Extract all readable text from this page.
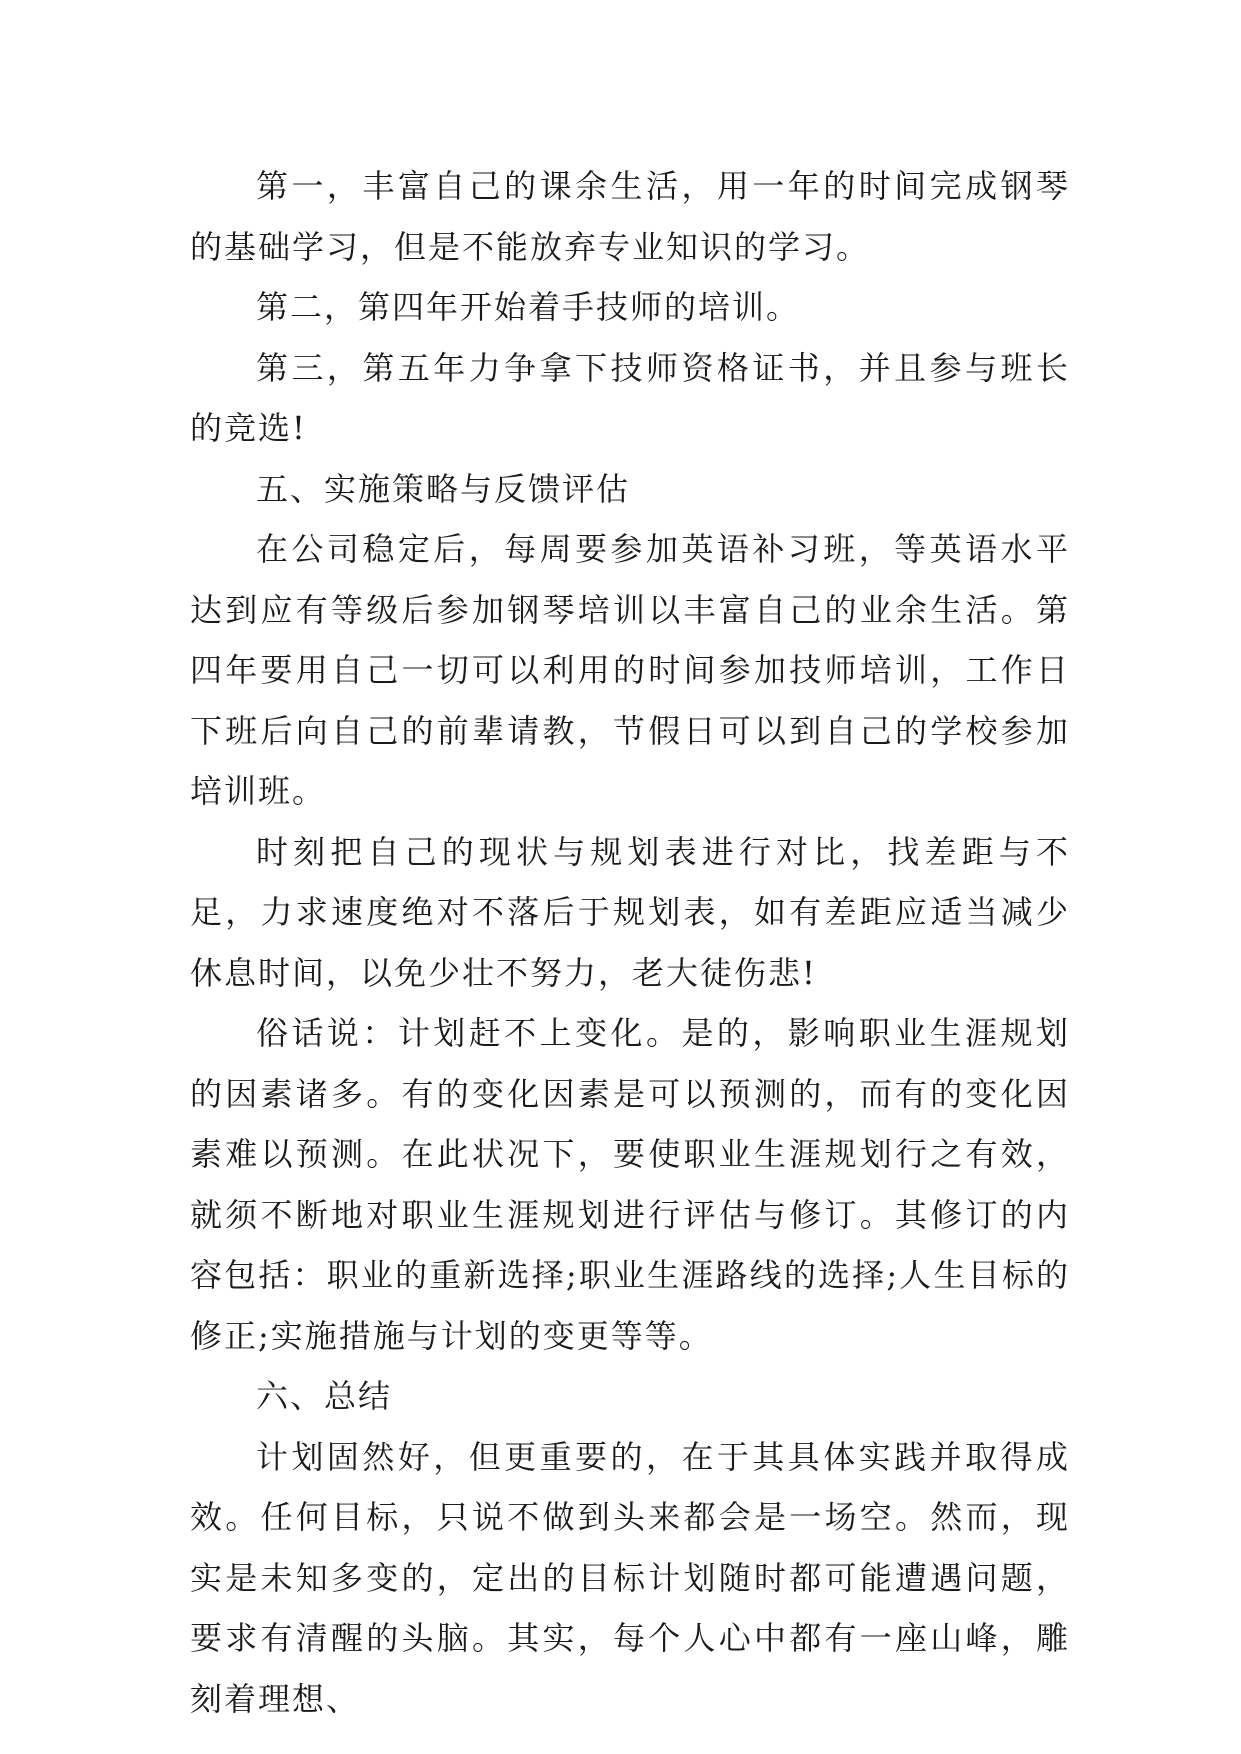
第一，丰富自己的课余生活，用一年的时间完成钢琴的基础学习，但是不能放弃专业知识的学习。

第二，第四年开始着手技师的培训。

第三，第五年力争拿下技师资格证书，并且参与班长的竞选!

五、实施策略与反馈评估

在公司稳定后，每周要参加英语补习班，等英语水平达到应有等级后参加钢琴培训以丰富自己的业余生活。第四年要用自己一切可以利用的时间参加技师培训，工作日下班后向自己的前辈请教，节假日可以到自己的学校参加培训班。

时刻把自己的现状与规划表进行对比，找差距与不足，力求速度绝对不落后于规划表，如有差距应适当减少休息时间，以免少壮不努力，老大徒伤悲!

俗话说：计划赶不上变化。是的，影响职业生涯规划的因素诸多。有的变化因素是可以预测的，而有的变化因素难以预测。在此状况下，要使职业生涯规划行之有效，就须不断地对职业生涯规划进行评估与修订。其修订的内容包括：职业的重新选择;职业生涯路线的选择;人生目标的修正;实施措施与计划的变更等等。

六、总结

计划固然好，但更重要的，在于其具体实践并取得成效。任何目标，只说不做到头来都会是一场空。然而，现实是未知多变的，定出的目标计划随时都可能遭遇问题，要求有清醒的头脑。其实，每个人心中都有一座山峰，雕刻着理想、
